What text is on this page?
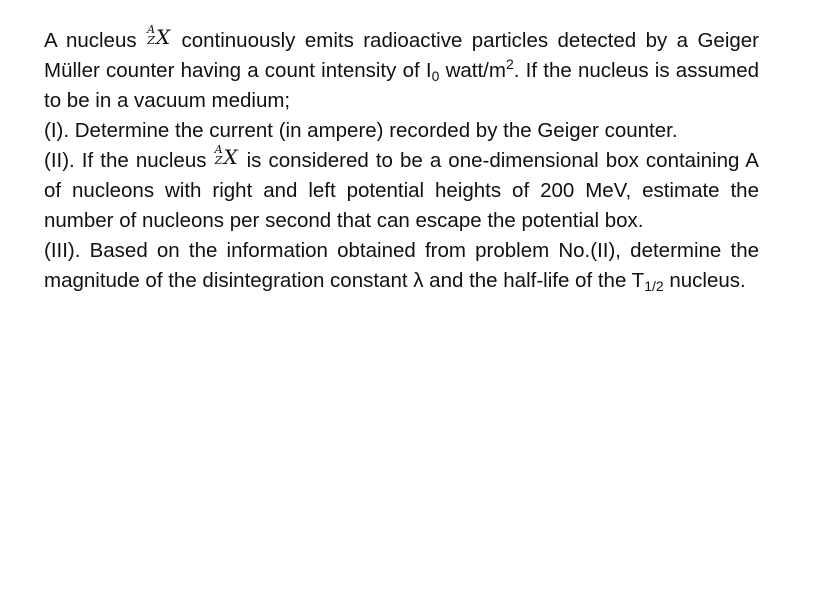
A nucleus A
Z X continuously emits radioactive particles detected by a Geiger Müller counter having a count intensity of $I_0$ watt/$m^2$. If the nucleus is assumed to be in a vacuum medium;

(I). Determine the current (in ampere) recorded by the Geiger counter.

(II). If the nucleus A
Z X is considered to be a one-dimensional box containing A of nucleons with right and left potential heights of 200 MeV, estimate the number of nucleons per second that can escape the potential box.

(III). Based on the information obtained from problem No.(II), determine the magnitude of the disintegration constant λ and the half-life of the $T_{1/2}$ nucleus.
